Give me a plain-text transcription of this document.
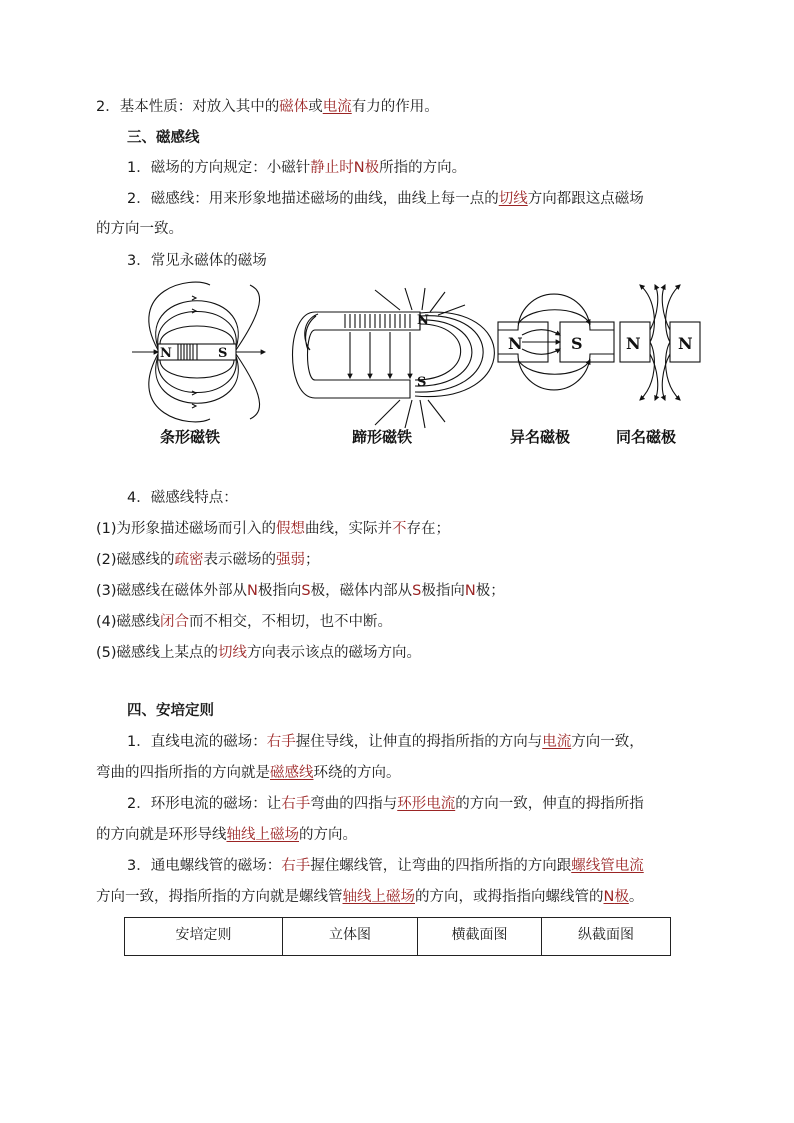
2．基本性质：对放入其中的磁体或电流有力的作用。
三、磁感线
1．磁场的方向规定：小磁针静止时N极所指的方向。
2．磁感线：用来形象地描述磁场的曲线，曲线上每一点的切线方向都跟这点磁场
的方向一致。
3．常见永磁体的磁场
N	S
N
S
N	S	N N
条形磁铁	蹄形磁铁	异名磁极	同名磁极
4．磁感线特点：
(1)为形象描述磁场而引入的假想曲线，实际并不存在；
(2)磁感线的疏密表示磁场的强弱；
(3)磁感线在磁体外部从N极指向S极，磁体内部从S极指向N极；
(4)磁感线闭合而不相交，不相切，也不中断。
(5)磁感线上某点的切线方向表示该点的磁场方向。
四、安培定则
1．直线电流的磁场：右手握住导线，让伸直的拇指所指的方向与电流方向一致，
弯曲的四指所指的方向就是磁感线环绕的方向。
2．环形电流的磁场：让右手弯曲的四指与环形电流的方向一致，伸直的拇指所指
的方向就是环形导线轴线上磁场的方向。
3．通电螺线管的磁场：右手握住螺线管，让弯曲的四指所指的方向跟螺线管电流
方向一致，拇指所指的方向就是螺线管轴线上磁场的方向，或拇指指向螺线管的N极。
安培定则	立体图	横截面图	纵截面图
